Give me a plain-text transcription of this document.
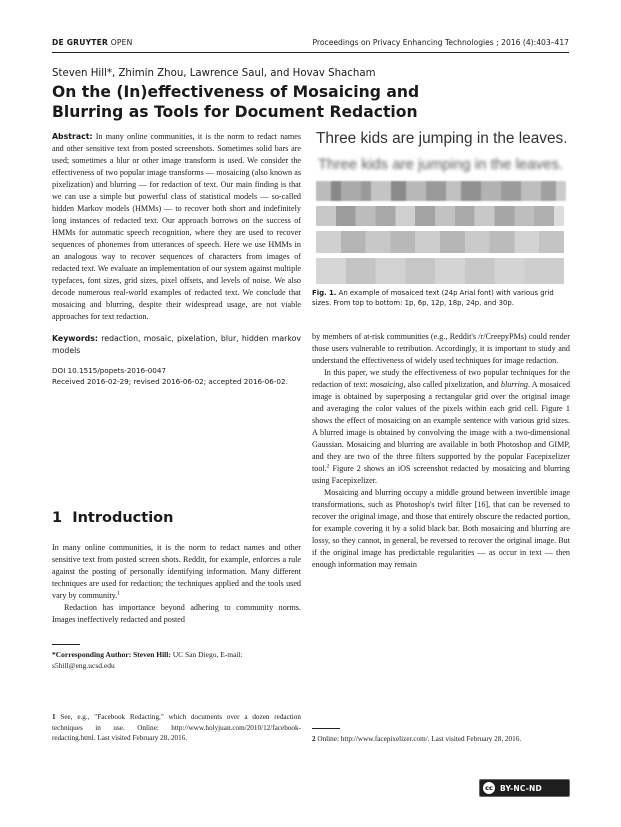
DE GRUYTER OPEN	Proceedings on Privacy Enhancing Technologies ; 2016 (4):403–417
Steven Hill*, Zhimin Zhou, Lawrence Saul, and Hovav Shacham
On the (In)effectiveness of Mosaicing and Blurring as Tools for Document Redaction

Abstract: In many online communities, it is the norm to redact names and other sensitive text from posted screenshots. Sometimes solid bars are used; sometimes a blur or other image transform is used. We consider the effectiveness of two popular image transforms — mosaicing (also known as pixelization) and blurring — for redaction of text. Our main finding is that we can use a simple but powerful class of statistical models — so-called hidden Markov models (HMMs) — to recover both short and indefinitely long instances of redacted text. Our approach borrows on the success of HMMs for automatic speech recognition, where they are used to recover sequences of phonemes from utterances of speech. Here we use HMMs in an analogous way to recover sequences of characters from images of redacted text. We evaluate an implementation of our system against multiple typefaces, font sizes, grid sizes, pixel offsets, and levels of noise. We also decode numerous real-world examples of redacted text. We conclude that mosaicing and blurring, despite their widespread usage, are not viable approaches for text redaction.

Keywords: redaction, mosaic, pixelation, blur, hidden markov models

DOI 10.1515/popets-2016-0047
Received 2016-02-29; revised 2016-06-02; accepted 2016-06-02.
1 Introduction

In many online communities, it is the norm to redact names and other sensitive text from posted screen shots. Reddit, for example, enforces a rule against the posting of personally identifying information. Many different techniques are used for redaction; the techniques applied and the tools used vary by community.$^1$

Redaction has importance beyond adhering to community norms. Images ineffectively redacted and posted

*Corresponding Author: Steven Hill: UC San Diego, E-mail: s5hill@eng.ucsd.edu
1 See, e.g., "Facebook Redacting," which documents over a dozen redaction techniques in use. Online: http://www.holyjuan.com/2010/12/facebook-redacting.html. Last visited February 28, 2016.
Three kids are jumping in the leaves.
Three kids are jumping in the leaves.
Fig. 1. An example of mosaiced text (24p Arial font) with various grid sizes. From top to bottom: 1p, 6p, 12p, 18p, 24p, and 30p.

by members of at-risk communities (e.g., Reddit's /r/CreepyPMs) could render those users vulnerable to retribution. Accordingly, it is important to study and understand the effectiveness of widely used techniques for image redaction.

In this paper, we study the effectiveness of two popular techniques for the redaction of text: mosaicing, also called pixelization, and blurring. A mosaiced image is obtained by superposing a rectangular grid over the original image and averaging the color values of the pixels within each grid cell. Figure 1 shows the effect of mosaicing on an example sentence with various grid sizes. A blurred image is obtained by convolving the image with a two-dimensional Gaussian. Mosaicing and blurring are available in both Photoshop and GIMP, and they are two of the three filters supported by the popular Facepixelizer tool.$^2$ Figure 2 shows an iOS screenshot redacted by mosaicing and blurring using Facepixelizer.

Mosaicing and blurring occupy a middle ground between invertible image transformations, such as Photoshop's twirl filter [16], that can be reversed to recover the original image, and those that entirely obscure the redacted portion, for example covering it by a solid black bar. Both mosaicing and blurring are lossy, so they cannot, in general, be reversed to recover the original image. But if the original image has predictable regularities — as occur in text — then enough information may remain

2 Online: http://www.facepixelizer.com/. Last visited February 28, 2016.
cc BY-NC-ND
